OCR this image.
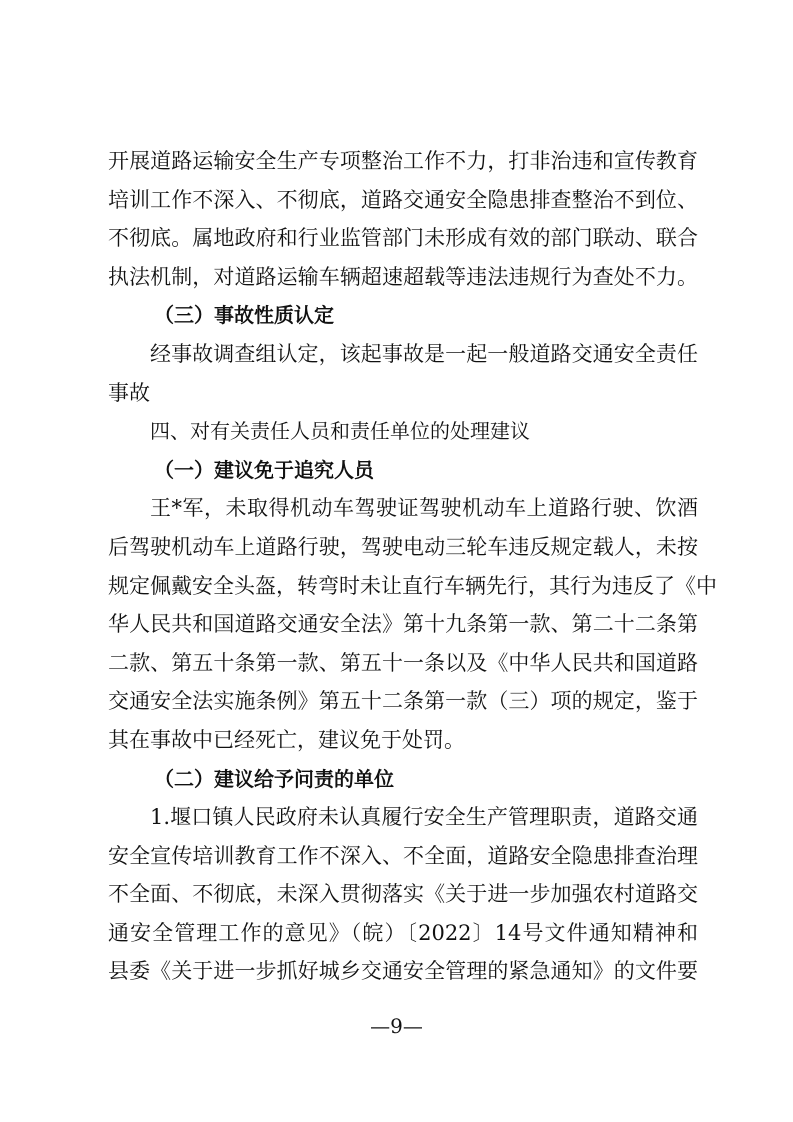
开展道路运输安全生产专项整治工作不力，打非治违和宣传教育
培训工作不深入、不彻底，道路交通安全隐患排查整治不到位、
不彻底。属地政府和行业监管部门未形成有效的部门联动、联合
执法机制，对道路运输车辆超速超载等违法违规行为查处不力。
（三）事故性质认定
经事故调查组认定，该起事故是一起一般道路交通安全责任
事故
四、对有关责任人员和责任单位的处理建议
（一）建议免于追究人员
王*军，未取得机动车驾驶证驾驶机动车上道路行驶、饮酒
后驾驶机动车上道路行驶，驾驶电动三轮车违反规定载人，未按
规定佩戴安全头盔，转弯时未让直行车辆先行，其行为违反了《中
华人民共和国道路交通安全法》第十九条第一款、第二十二条第
二款、第五十条第一款、第五十一条以及《中华人民共和国道路
交通安全法实施条例》第五十二条第一款（三）项的规定，鉴于
其在事故中已经死亡，建议免于处罚。
（二）建议给予问责的单位
1.堰口镇人民政府未认真履行安全生产管理职责，道路交通
安全宣传培训教育工作不深入、不全面，道路安全隐患排查治理
不全面、不彻底，未深入贯彻落实《关于进一步加强农村道路交
通安全管理工作的意见》（皖）〔2022〕14号文件通知精神和
县委《关于进一步抓好城乡交通安全管理的紧急通知》的文件要
—9—
